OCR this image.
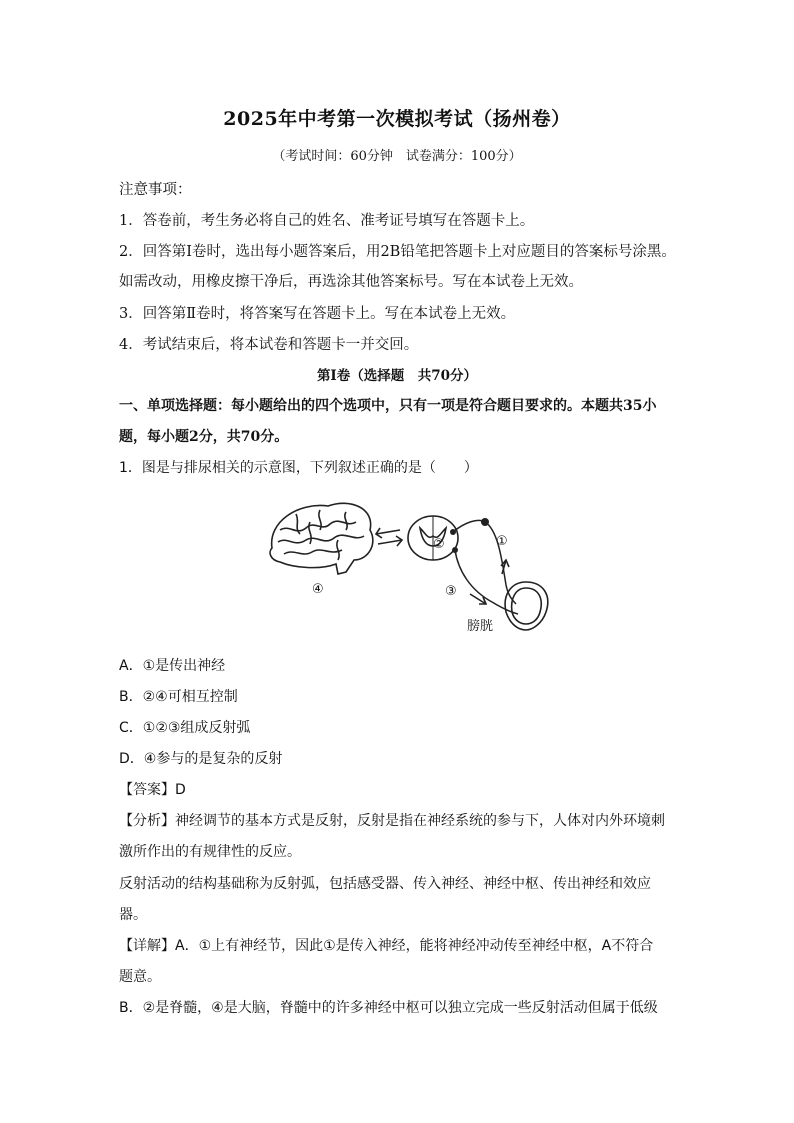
2025年中考第一次模拟考试（扬州卷）
（考试时间：60分钟　试卷满分：100分）
注意事项：
1．答卷前，考生务必将自己的姓名、准考证号填写在答题卡上。
2．回答第Ⅰ卷时，选出每小题答案后，用2B铅笔把答题卡上对应题目的答案标号涂黑。
如需改动，用橡皮擦干净后，再选涂其他答案标号。写在本试卷上无效。
3．回答第Ⅱ卷时，将答案写在答题卡上。写在本试卷上无效。
4．考试结束后，将本试卷和答题卡一并交回。
第Ⅰ卷（选择题　共70分）
一、单项选择题：每小题给出的四个选项中，只有一项是符合题目要求的。本题共35小
题，每小题2分，共70分。
1．图是与排尿相关的示意图，下列叙述正确的是（　　）
④
②	①
③
膀胱
A．①是传出神经
B．②④可相互控制
C．①②③组成反射弧
D．④参与的是复杂的反射
【答案】D
【分析】神经调节的基本方式是反射，反射是指在神经系统的参与下，人体对内外环境刺
激所作出的有规律性的反应。
反射活动的结构基础称为反射弧，包括感受器、传入神经、神经中枢、传出神经和效应
器。
【详解】A．①上有神经节，因此①是传入神经，能将神经冲动传至神经中枢，A不符合
题意。
B．②是脊髓，④是大脑，脊髓中的许多神经中枢可以独立完成一些反射活动但属于低级
